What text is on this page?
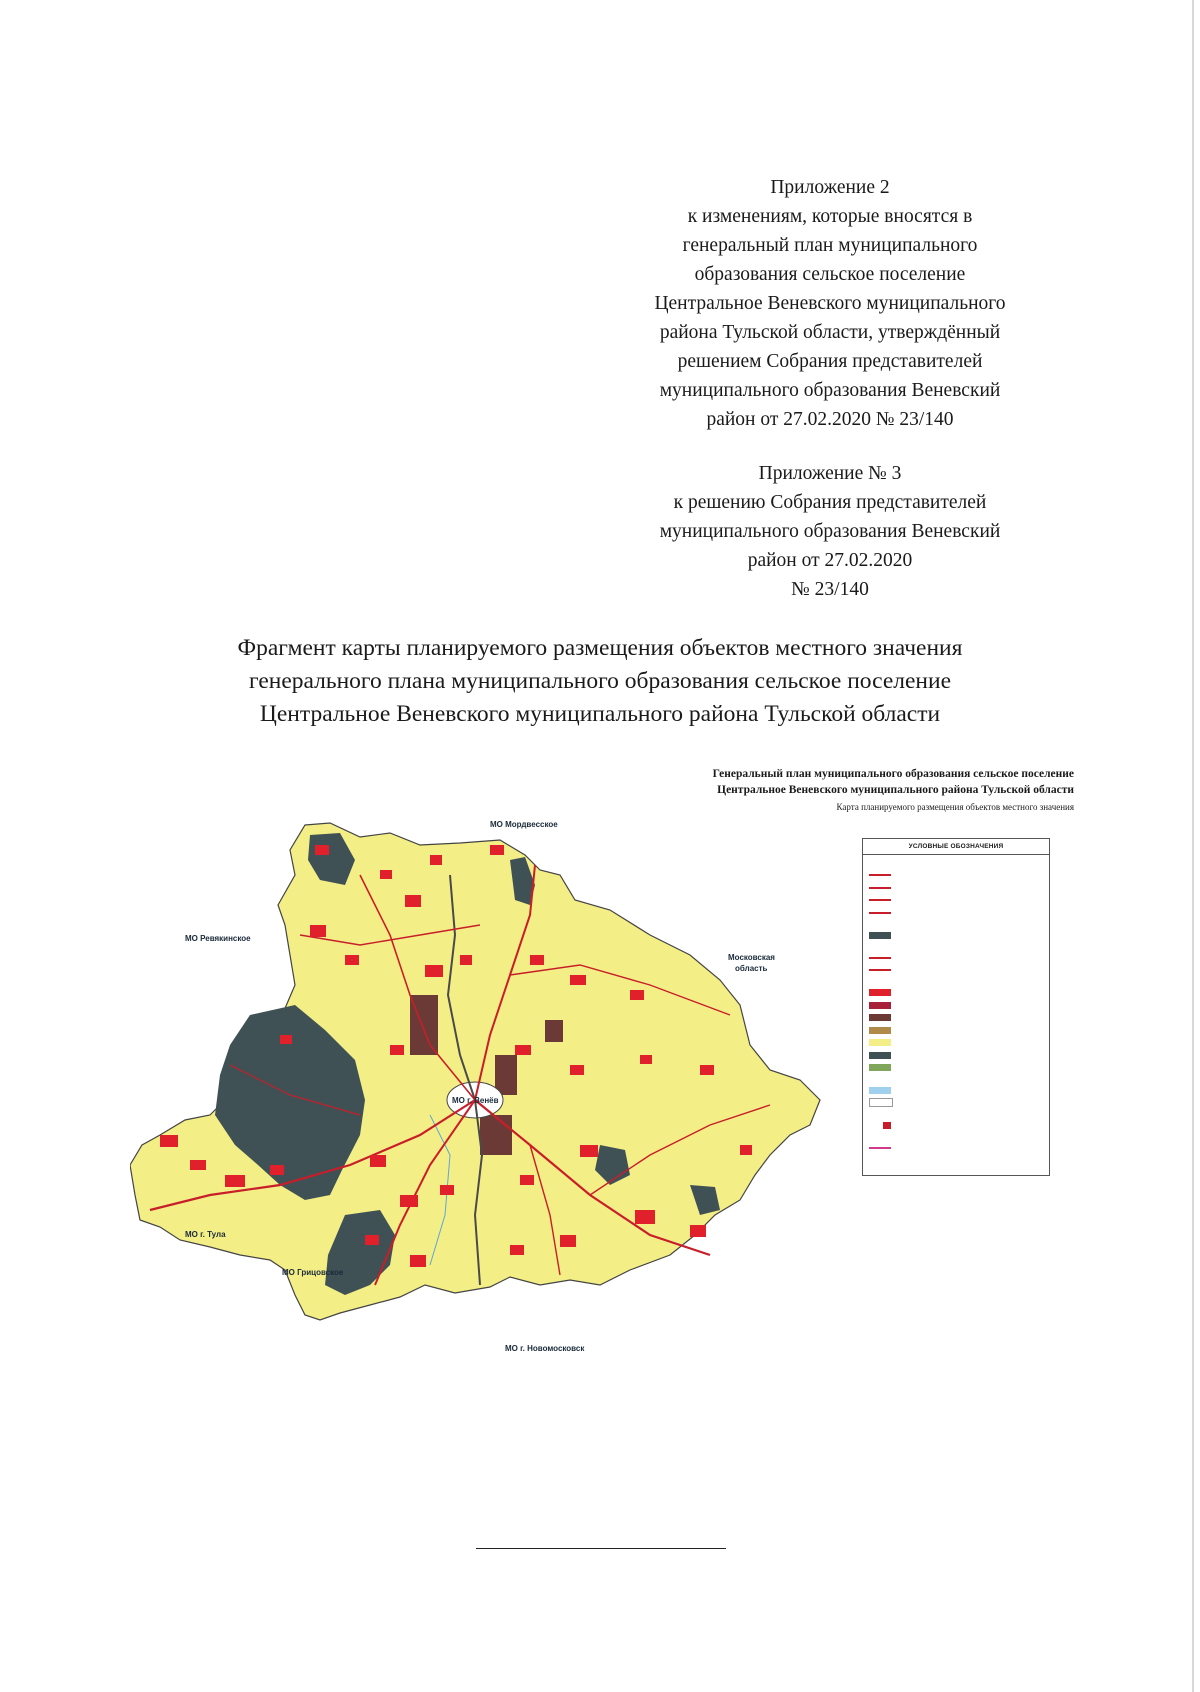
Приложение 2
к изменениям, которые вносятся в
генеральный план муниципального
образования сельское поселение
Центральное Веневского муниципального
района Тульской области, утверждённый
решением Собрания представителей
муниципального образования Веневский
район от 27.02.2020 № 23/140
Приложение № 3
к решению Собрания представителей
муниципального образования Веневский
район от 27.02.2020
№ 23/140
Фрагмент карты планируемого размещения объектов местного значения
генерального плана муниципального образования сельское поселение
Центральное Веневского муниципального района Тульской области
Генеральный план муниципального образования сельское поселение
Центральное Веневского муниципального района Тульской области
Карта планируемого размещения объектов местного значения
МО Мордвесское
МО Ревякинское
Московская
область
МО г. Венёв
МО г. Тула
МО Грицовское
МО г. Новомосковск
УСЛОВНЫЕ ОБОЗНАЧЕНИЯ
